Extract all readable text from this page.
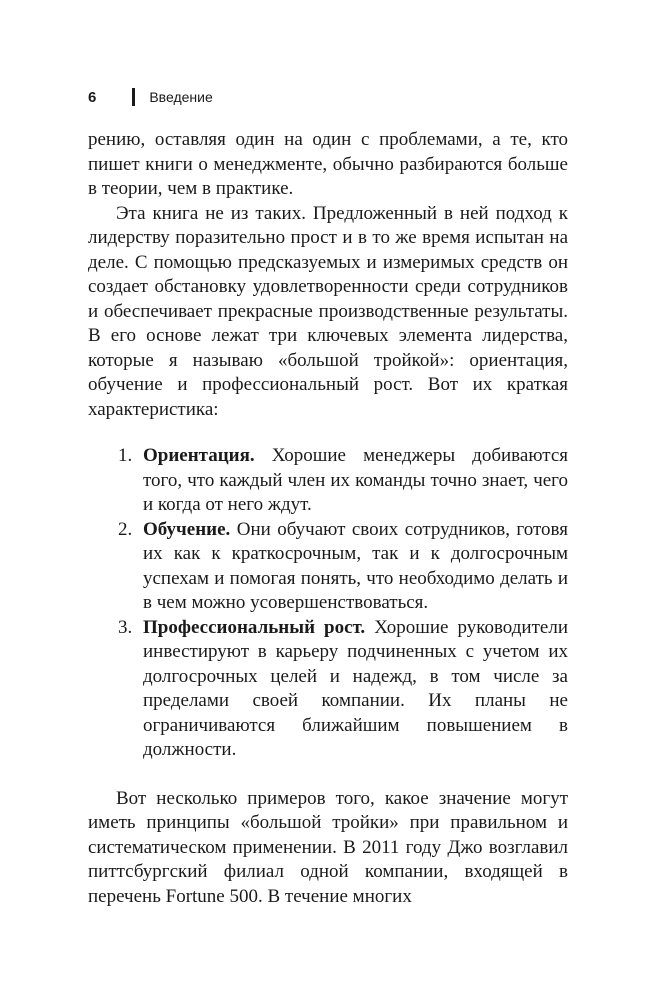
6	Введение

рению, оставляя один на один с проблемами, а те, кто пишет книги о менеджменте, обычно разбираются больше в теории, чем в практике.

Эта книга не из таких. Предложенный в ней подход к лидерству поразительно прост и в то же время испытан на деле. С помощью предсказуемых и измеримых средств он создает обстановку удовлетворенности среди сотрудников и обеспечивает прекрасные производственные результаты. В его основе лежат три ключевых элемента лидерства, которые я называю «большой тройкой»: ориентация, обучение и профессиональный рост. Вот их краткая характеристика:

1. Ориентация. Хорошие менеджеры добиваются того, что каждый член их команды точно знает, чего и когда от него ждут.
2. Обучение. Они обучают своих сотрудников, готовя их как к краткосрочным, так и к долгосрочным успехам и помогая понять, что необходимо делать и в чем можно усовершенствоваться.
3. Профессиональный рост. Хорошие руководители инвестируют в карьеру подчиненных с учетом их долгосрочных целей и надежд, в том числе за пределами своей компании. Их планы не ограничиваются ближайшим повышением в должности.

Вот несколько примеров того, какое значение могут иметь принципы «большой тройки» при правильном и систематическом применении. В 2011 году Джо возглавил питтсбургский филиал одной компании, входящей в перечень Fortune 500. В течение многих
